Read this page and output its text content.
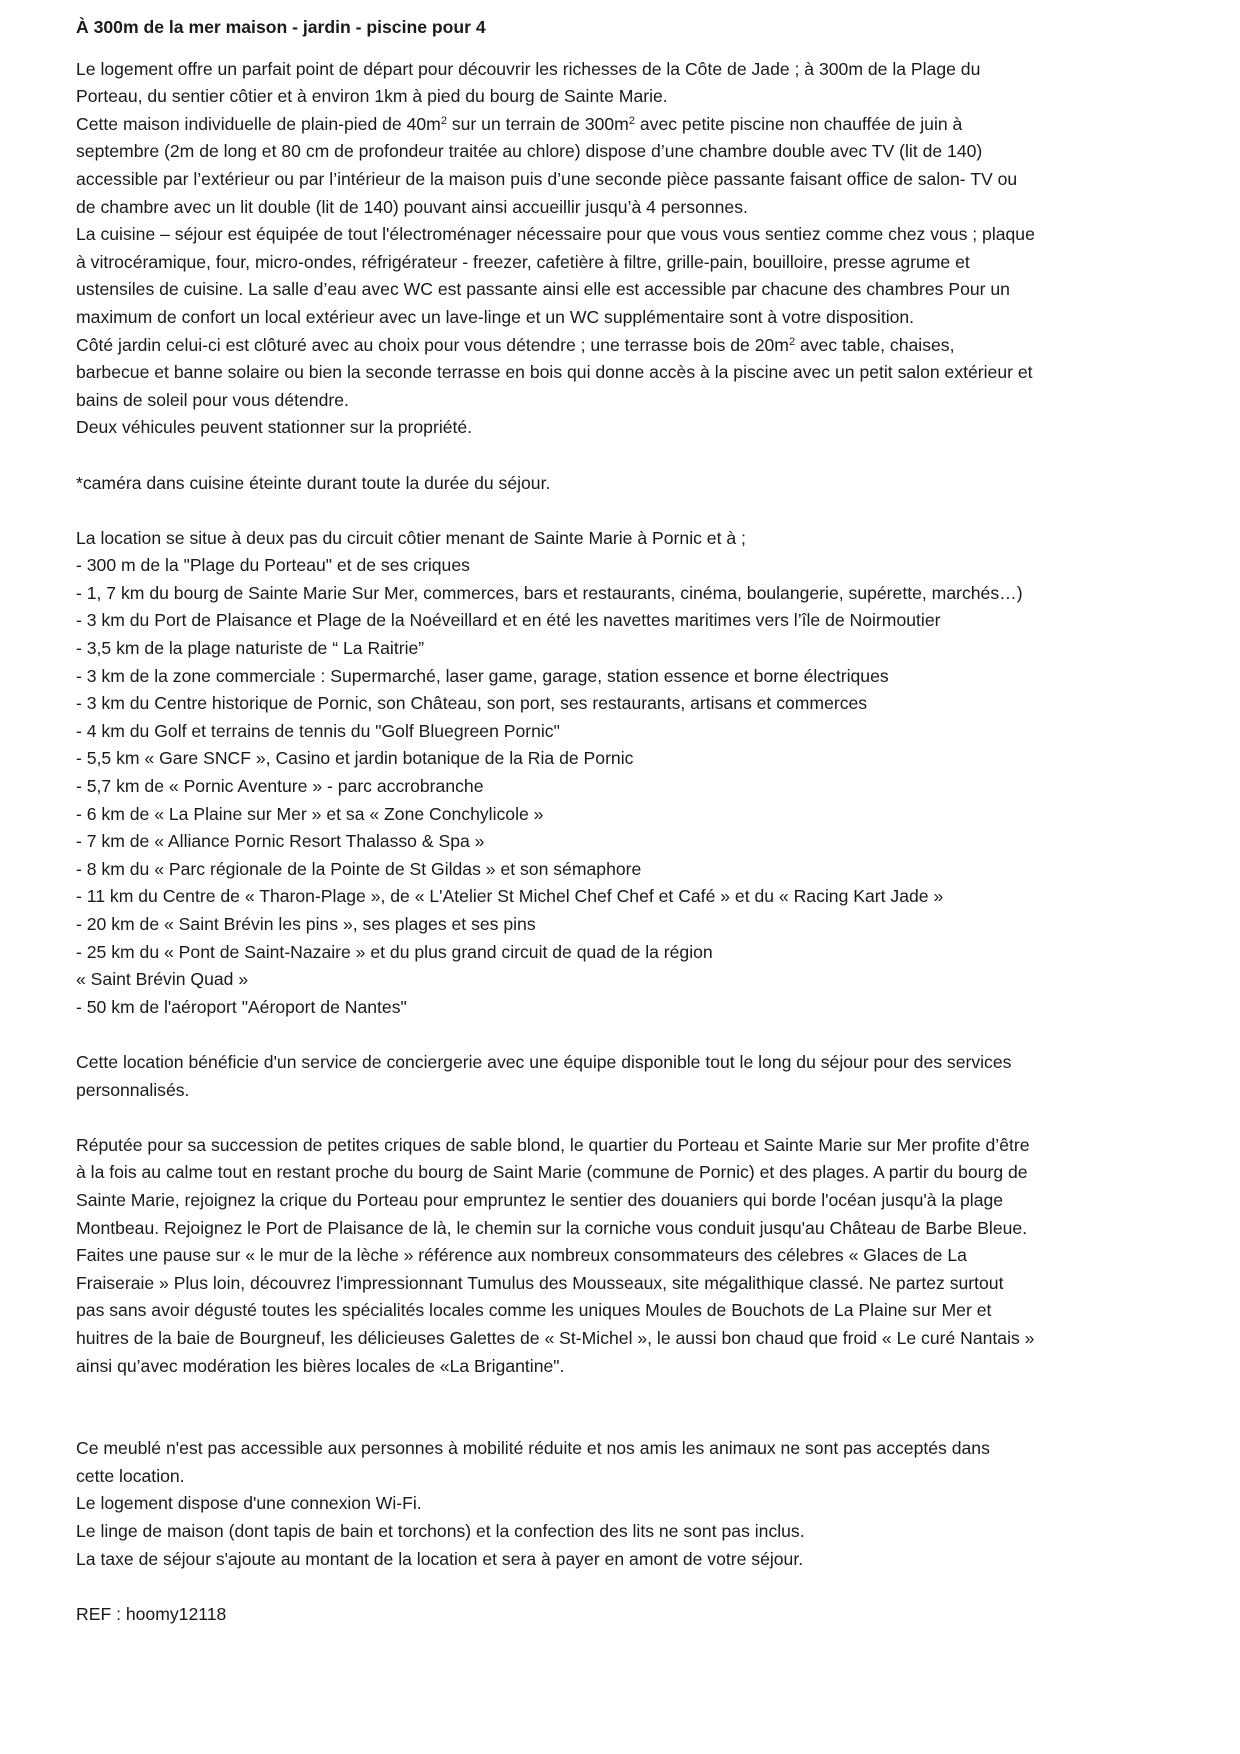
À 300m de la mer maison - jardin - piscine pour 4
Le logement offre un parfait point de départ pour découvrir les richesses de la Côte de Jade ; à 300m de la Plage du
Porteau, du sentier côtier et à environ 1km à pied du bourg de Sainte Marie.
Cette maison individuelle de plain-pied de $40m^2$ sur un terrain de $300m^2$ avec petite piscine non chauffée de juin à
septembre (2m de long et 80 cm de profondeur traitée au chlore) dispose d’une chambre double avec TV (lit de 140)
accessible par l’extérieur ou par l’intérieur de la maison puis d’une seconde pièce passante faisant office de salon- TV ou
de chambre avec un lit double (lit de 140) pouvant ainsi accueillir jusqu’à 4 personnes.
La cuisine – séjour est équipée de tout l'électroménager nécessaire pour que vous vous sentiez comme chez vous ; plaque
à vitrocéramique, four, micro-ondes, réfrigérateur - freezer, cafetière à filtre, grille-pain, bouilloire, presse agrume et
ustensiles de cuisine. La salle d’eau avec WC est passante ainsi elle est accessible par chacune des chambres Pour un
maximum de confort un local extérieur avec un lave-linge et un WC supplémentaire sont à votre disposition.
Côté jardin celui-ci est clôturé avec au choix pour vous détendre ; une terrasse bois de $20m^2$ avec table, chaises,
barbecue et banne solaire ou bien la seconde terrasse en bois qui donne accès à la piscine avec un petit salon extérieur et
bains de soleil pour vous détendre.
Deux véhicules peuvent stationner sur la propriété.
*caméra dans cuisine éteinte durant toute la durée du séjour.
La location se situe à deux pas du circuit côtier menant de Sainte Marie à Pornic et à ;
- 300 m de la "Plage du Porteau" et de ses criques
- 1, 7 km du bourg de Sainte Marie Sur Mer, commerces, bars et restaurants, cinéma, boulangerie, supérette, marchés…)
- 3 km du Port de Plaisance et Plage de la Noéveillard et en été les navettes maritimes vers l’île de Noirmoutier
- 3,5 km de la plage naturiste de “ La Raitrie”
- 3 km de la zone commerciale : Supermarché, laser game, garage, station essence et borne électriques
- 3 km du Centre historique de Pornic, son Château, son port, ses restaurants, artisans et commerces
- 4 km du Golf et terrains de tennis du "Golf Bluegreen Pornic"
- 5,5 km « Gare SNCF », Casino et jardin botanique de la Ria de Pornic
- 5,7 km de « Pornic Aventure » - parc accrobranche
- 6 km de « La Plaine sur Mer » et sa « Zone Conchylicole »
- 7 km de « Alliance Pornic Resort Thalasso & Spa »
- 8 km du « Parc régionale de la Pointe de St Gildas » et son sémaphore
- 11 km du Centre de « Tharon-Plage », de « L'Atelier St Michel Chef Chef et Café » et du « Racing Kart Jade »
- 20 km de « Saint Brévin les pins », ses plages et ses pins
- 25 km du « Pont de Saint-Nazaire » et du plus grand circuit de quad de la région
« Saint Brévin Quad »
- 50 km de l'aéroport "Aéroport de Nantes"
Cette location bénéficie d'un service de conciergerie avec une équipe disponible tout le long du séjour pour des services
personnalisés.
Réputée pour sa succession de petites criques de sable blond, le quartier du Porteau et Sainte Marie sur Mer profite d’être
à la fois au calme tout en restant proche du bourg de Saint Marie (commune de Pornic) et des plages. A partir du bourg de
Sainte Marie, rejoignez la crique du Porteau pour empruntez le sentier des douaniers qui borde l'océan jusqu'à la plage
Montbeau. Rejoignez le Port de Plaisance de là, le chemin sur la corniche vous conduit jusqu'au Château de Barbe Bleue.
Faites une pause sur « le mur de la lèche » référence aux nombreux consommateurs des célebres « Glaces de La
Fraiseraie » Plus loin, découvrez l'impressionnant Tumulus des Mousseaux, site mégalithique classé. Ne partez surtout
pas sans avoir dégusté toutes les spécialités locales comme les uniques Moules de Bouchots de La Plaine sur Mer et
huitres de la baie de Bourgneuf, les délicieuses Galettes de « St-Michel », le aussi bon chaud que froid « Le curé Nantais »
ainsi qu’avec modération les bières locales de «La Brigantine".
Ce meublé n'est pas accessible aux personnes à mobilité réduite et nos amis les animaux ne sont pas acceptés dans
cette location.
Le logement dispose d'une connexion Wi-Fi.
Le linge de maison (dont tapis de bain et torchons) et la confection des lits ne sont pas inclus.
La taxe de séjour s'ajoute au montant de la location et sera à payer en amont de votre séjour.
REF : hoomy12118
